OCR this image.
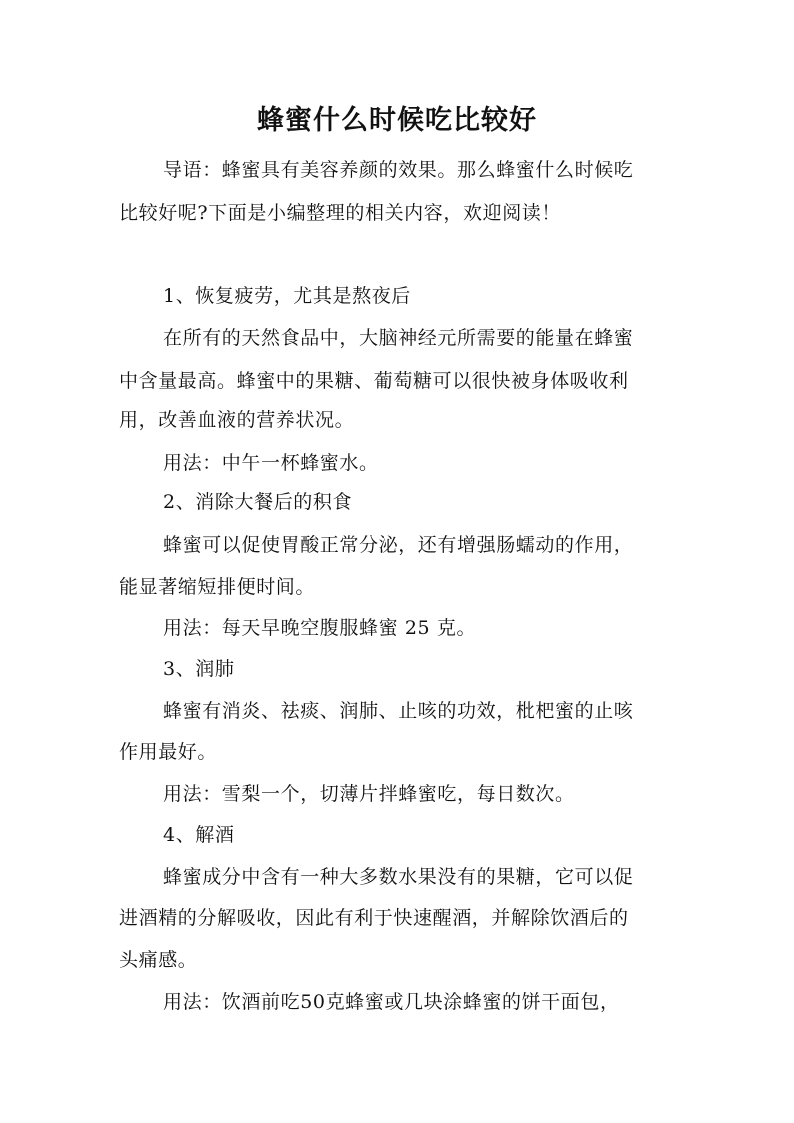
蜂蜜什么时候吃比较好
导语：蜂蜜具有美容养颜的效果。那么蜂蜜什么时候吃
比较好呢?下面是小编整理的相关内容，欢迎阅读！
1、恢复疲劳，尤其是熬夜后
在所有的天然食品中，大脑神经元所需要的能量在蜂蜜
中含量最高。蜂蜜中的果糖、葡萄糖可以很快被身体吸收利
用，改善血液的营养状况。
用法：中午一杯蜂蜜水。
2、消除大餐后的积食
蜂蜜可以促使胃酸正常分泌，还有增强肠蠕动的作用，
能显著缩短排便时间。
用法：每天早晚空腹服蜂蜜 25 克。
3、润肺
蜂蜜有消炎、祛痰、润肺、止咳的功效，枇杷蜜的止咳
作用最好。
用法：雪梨一个，切薄片拌蜂蜜吃，每日数次。
4、解酒
蜂蜜成分中含有一种大多数水果没有的果糖，它可以促
进酒精的分解吸收，因此有利于快速醒酒，并解除饮酒后的
头痛感。
用法：饮酒前吃50克蜂蜜或几块涂蜂蜜的饼干面包，
